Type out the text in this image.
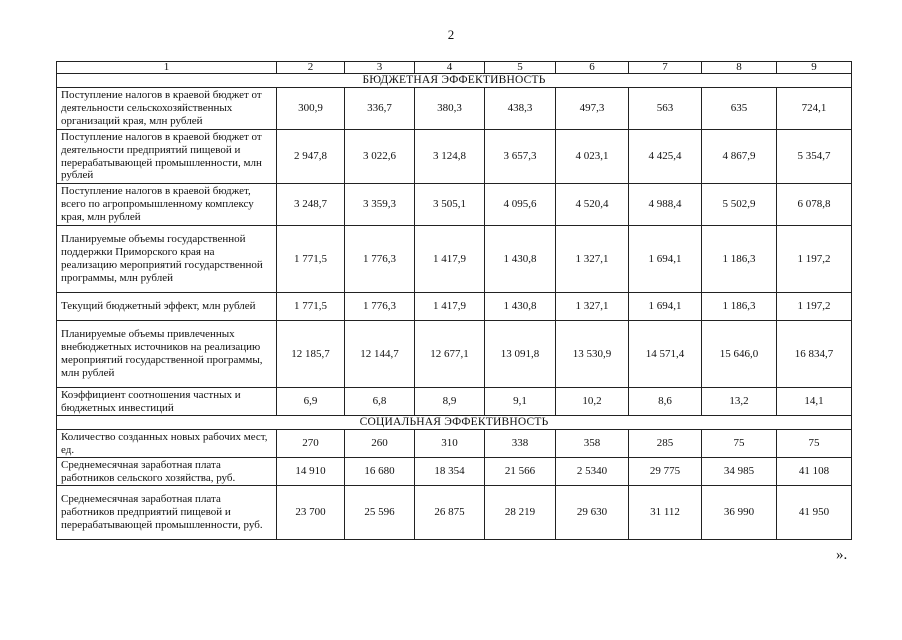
2
1	2	3	4	5	6	7	8	9
БЮДЖЕТНАЯ ЭФФЕКТИВНОСТЬ								
Поступление налогов в краевой бюджет от деятельности сельскохозяйственных организаций края, млн рублей	300,9	336,7	380,3	438,3	497,3	563	635	724,1
Поступление налогов в краевой бюджет от деятельности предприятий пищевой и перерабатывающей промышленности, млн рублей	2 947,8	3 022,6	3 124,8	3 657,3	4 023,1	4 425,4	4 867,9	5 354,7
Поступление налогов в краевой бюджет, всего по агропромышленному комплексу края, млн рублей	3 248,7	3 359,3	3 505,1	4 095,6	4 520,4	4 988,4	5 502,9	6 078,8
Планируемые объемы государственной поддержки Приморского края на реализацию мероприятий государственной программы, млн рублей	1 771,5	1 776,3	1 417,9	1 430,8	1 327,1	1 694,1	1 186,3	1 197,2
Текущий бюджетный эффект, млн рублей	1 771,5	1 776,3	1 417,9	1 430,8	1 327,1	1 694,1	1 186,3	1 197,2
Планируемые объемы привлеченных внебюджетных источников на реализацию мероприятий государственной программы, млн рублей	12 185,7	12 144,7	12 677,1	13 091,8	13 530,9	14 571,4	15 646,0	16 834,7
Коэффициент соотношения частных и бюджетных инвестиций	6,9	6,8	8,9	9,1	10,2	8,6	13,2	14,1
СОЦИАЛЬНАЯ ЭФФЕКТИВНОСТЬ								
Количество созданных новых рабочих мест, ед.	270	260	310	338	358	285	75	75
Среднемесячная заработная плата работников сельского хозяйства, руб.	14 910	16 680	18 354	21 566	2 5340	29 775	34 985	41 108
Среднемесячная заработная плата работников предприятий пищевой и перерабатывающей промышленности, руб.	23 700	25 596	26 875	28 219	29 630	31 112	36 990	41 950
».
